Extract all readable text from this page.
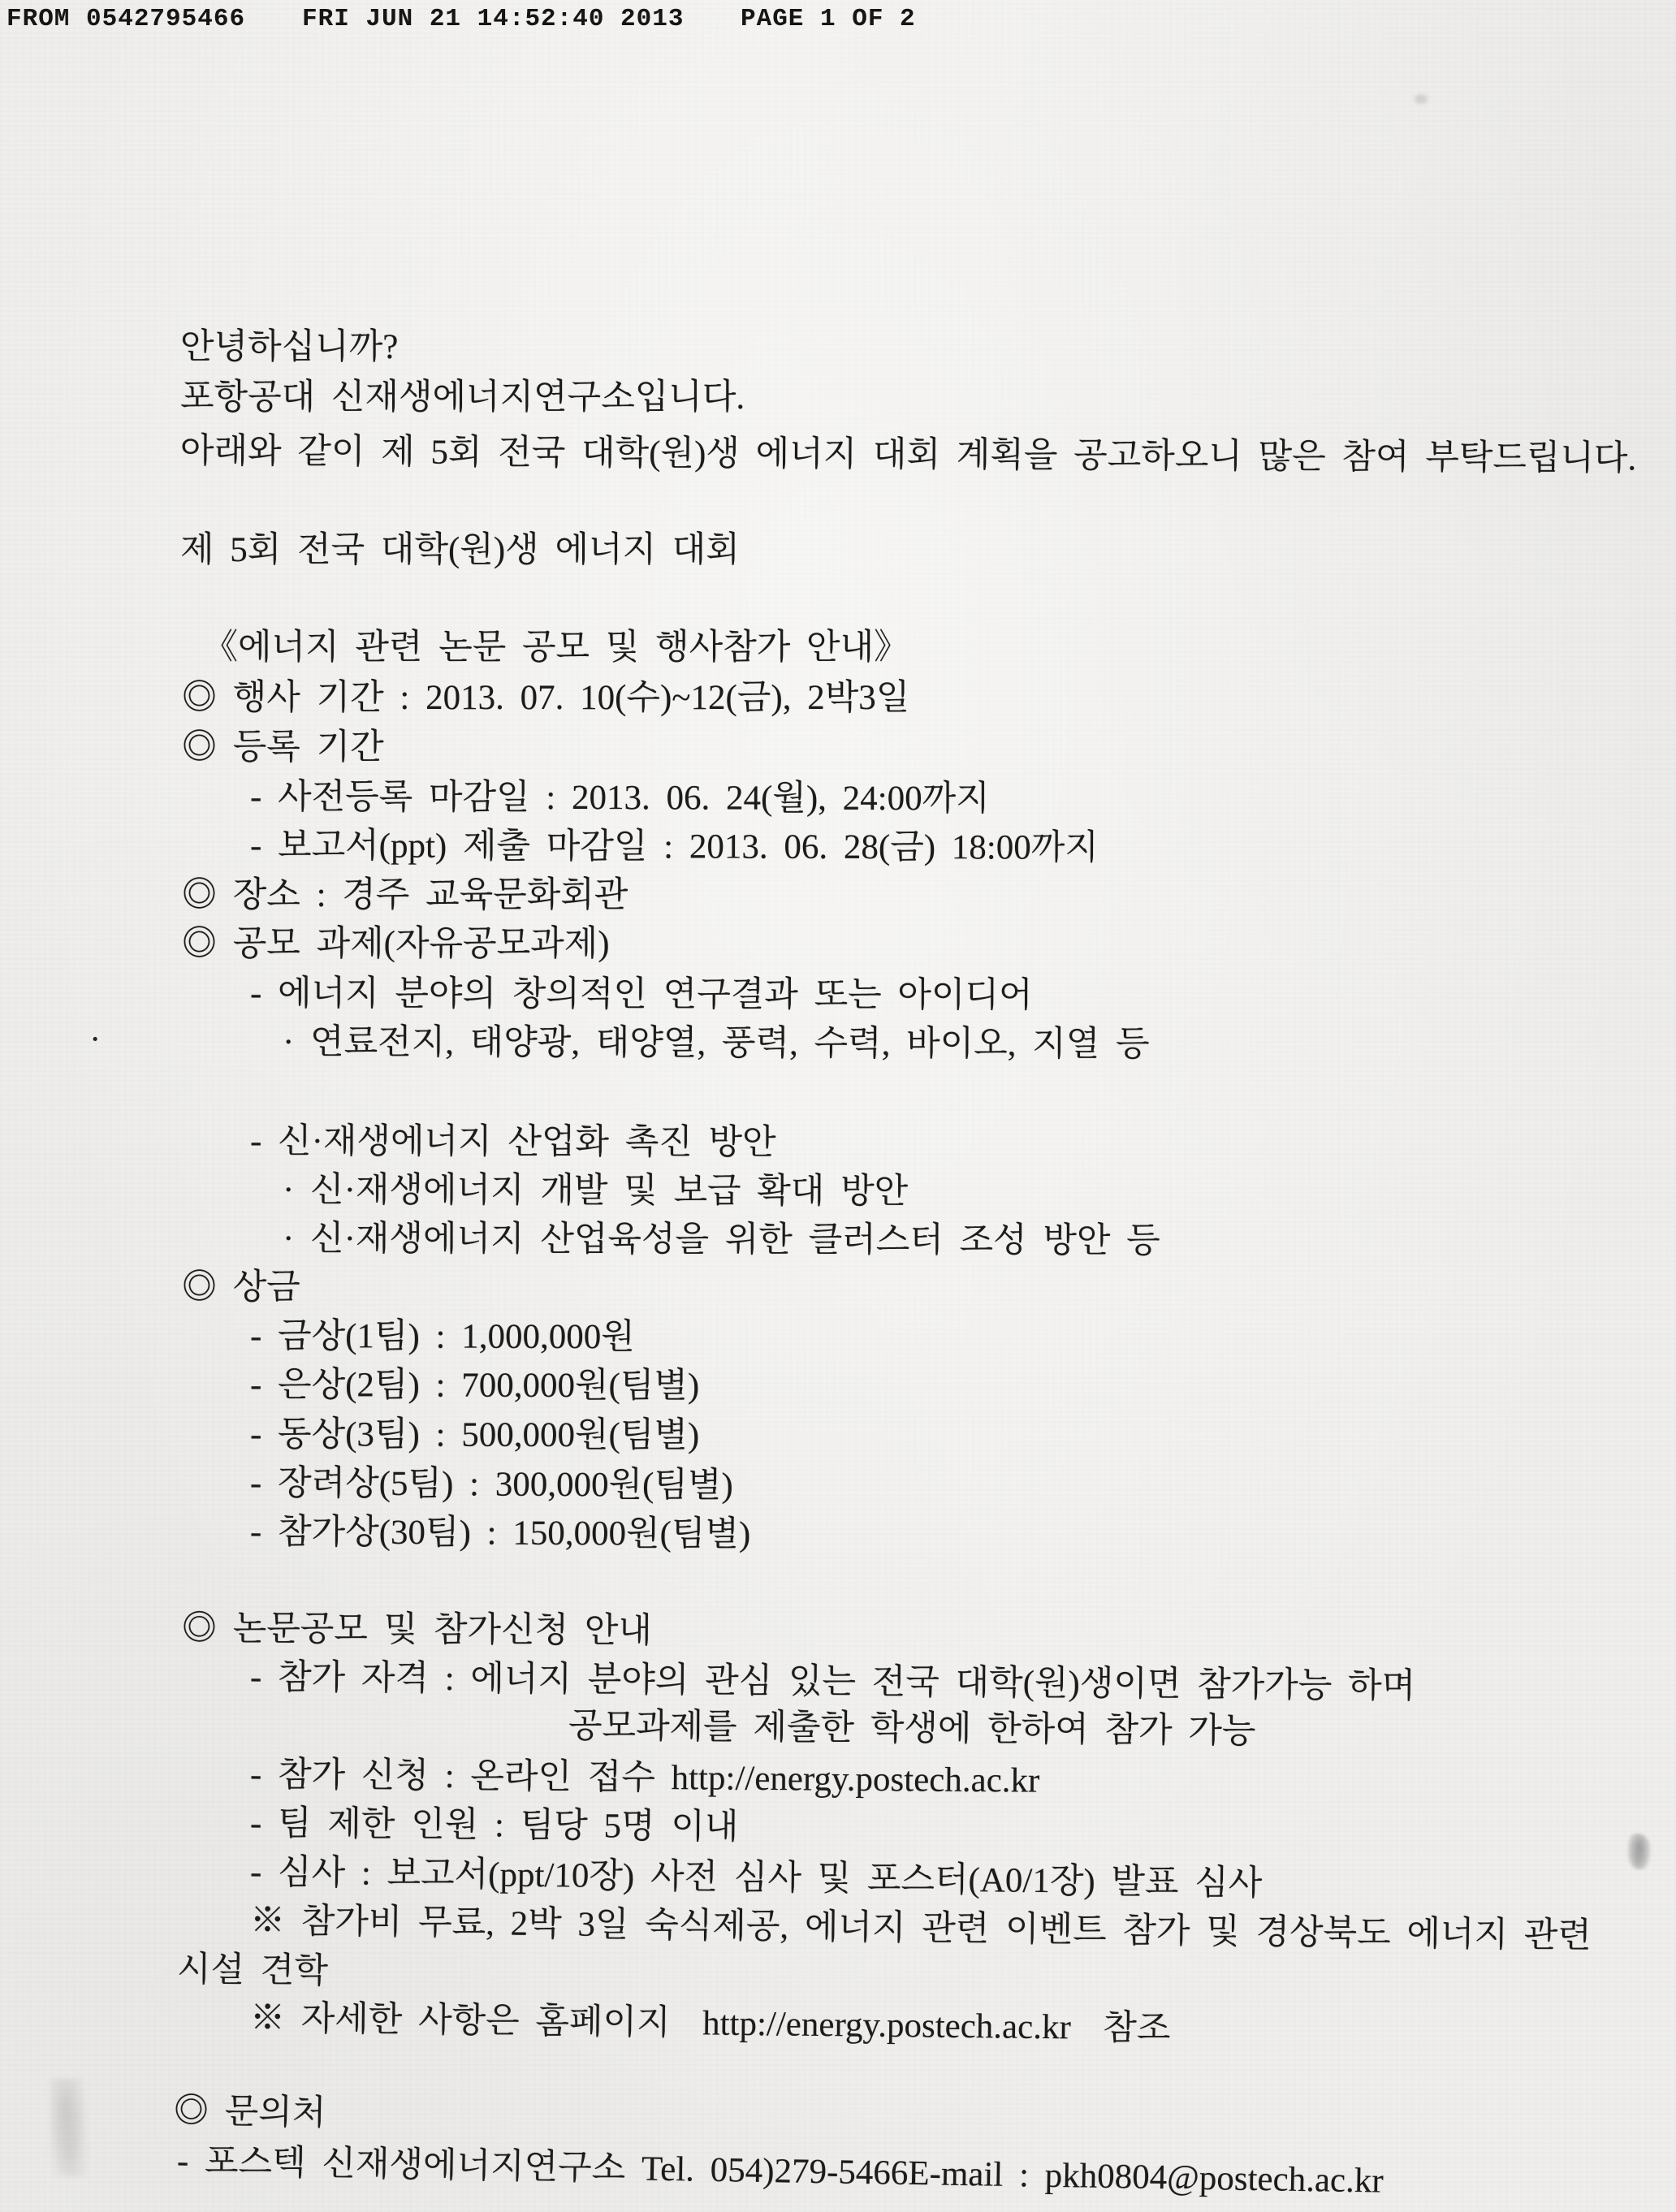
FROM 0542795466 FRI JUN 21 14:52:40 2013 PAGE 1 OF 2
안녕하십니까?
포항공대 신재생에너지연구소입니다.
아래와 같이 제 5회 전국 대학(원)생 에너지 대회 계획을 공고하오니 많은 참여 부탁드립니다.
제 5회 전국 대학(원)생 에너지 대회
《에너지 관련 논문 공모 및 행사참가 안내》
◎ 행사 기간 : 2013. 07. 10(수)~12(금), 2박3일
◎ 등록 기간
- 사전등록 마감일 : 2013. 06. 24(월), 24:00까지
- 보고서(ppt) 제출 마감일 : 2013. 06. 28(금) 18:00까지
◎ 장소 : 경주 교육문화회관
◎ 공모 과제(자유공모과제)
- 에너지 분야의 창의적인 연구결과 또는 아이디어
·	· 연료전지, 태양광, 태양열, 풍력, 수력, 바이오, 지열 등
- 신·재생에너지 산업화 촉진 방안
· 신·재생에너지 개발 및 보급 확대 방안
· 신·재생에너지 산업육성을 위한 클러스터 조성 방안 등
◎ 상금
- 금상(1팀) : 1,000,000원
- 은상(2팀) : 700,000원(팀별)
- 동상(3팀) : 500,000원(팀별)
- 장려상(5팀) : 300,000원(팀별)
- 참가상(30팀) : 150,000원(팀별)
◎ 논문공모 및 참가신청 안내
- 참가 자격 : 에너지 분야의 관심 있는 전국 대학(원)생이면 참가가능 하며
공모과제를 제출한 학생에 한하여 참가 가능
- 참가 신청 : 온라인 접수 http://energy.postech.ac.kr
- 팀 제한 인원 : 팀당 5명 이내
- 심사 : 보고서(ppt/10장) 사전 심사 및 포스터(A0/1장) 발표 심사
※ 참가비 무료, 2박 3일 숙식제공, 에너지 관련 이벤트 참가 및 경상북도 에너지 관련
시설 견학
※ 자세한 사항은 홈페이지  http://energy.postech.ac.kr  참조
◎ 문의처
- 포스텍 신재생에너지연구소 Tel. 054)279-5466E-mail : pkh0804@postech.ac.kr
